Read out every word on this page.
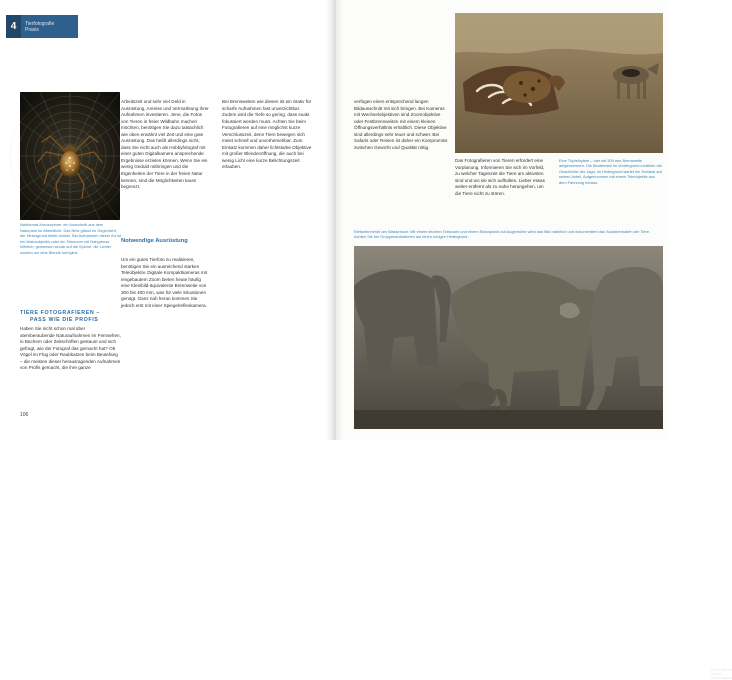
4	Tierfotografie
Praxis

Nahformat-Kreuzspinne: ein Ausschnitt aus dem Naturpark im Abendlicht. Das Netz glänzt im Gegenlicht, der Hintergrund bleibt dunkel. Bei Aufnahmen dieser Art ist ein Makroobjektiv oder ein Telezoom mit Nahgrenze hilfreich; gemessen wurde auf die Spinne, die Lichter wurden um eine Blende korrigiert.

TIERE FOTOGRAFIEREN –
PASS WIE DIE PROFIS

Haben Sie nicht schon mal über atemberaubende Naturaufnahmen im Fernsehen, in Büchern oder Zeitschriften gestaunt und sich gefragt, wie der Fotograf das gemacht hat? Ob Vögel im Flug oder Raubkatzen beim Beutefang – die meisten dieser herausragenden Aufnahmen von Profis gemacht, die ihre ganze

Arbeitszeit und sehr viel Geld in Ausrüstung, Anreise und Vermarktung ihrer Aufnahmen investieren. Jene, die Fotos von Tieren in freier Wildbahn machen möchten, benötigen Sie dazu tatsächlich wie oben erwähnt viel Zeit und eine gute Ausrüstung. Das heißt allerdings nicht, dass Sie nicht auch als Hobbyfotograf mit einer guten Digitalkamera ansprechende Ergebnisse erzielen können. Wenn Sie ein wenig Geduld mitbringen und die Eigenheiten der Tiere in der freien Natur kennen, sind die Möglichkeiten kaum begrenzt.

Notwendige Ausrüstung

Um ein gutes Tierfoto zu realisieren, benötigen Sie ein ausreichend starkes Teleobjektiv. Digitale Kompaktkameras mit eingebautem Zoom bieten heute häufig eine Kleinbild-äquivalente Brennweite von 300 bis 400 mm, was für viele Situationen genügt. Ganz nah heran kommen Sie jedoch erst mit einer Spiegelreflexkamera.

Bei Brennweiten wie diesen ist ein Stativ für scharfe Aufnahmen fast unverzichtbar. Zudem wird die Tiefe so gering, dass exakt fokussiert werden muss. Achten Sie beim Fotografieren auf eine möglichst kurze Verschlusszeit, denn Tiere bewegen sich meist schnell und unvorhersehbar. Zum Einsatz kommen daher lichtstarke Objektive mit großer Blendenöffnung, die auch bei wenig Licht eine kurze Belichtungszeit erlauben.

106

verfügen einen entsprechend langen Bildausschnitt mit sich bringen. Bei Kameras mit Wechselobjektiven sind Zoomobjektive oder Festbrennweiten mit einem kleinen Öffnungsverhältnis erhältlich. Diese Objektive sind allerdings sehr teuer und schwer. Bei Safaris oder Reisen ist daher ein Kompromiss zwischen Gewicht und Qualität nötig.

Eine Tüpfelhyäne – hier mit 300 mm Brennweite aufgenommen. Die Beutereste im Vordergrund erzählen die Geschichte der Jagd, im Hintergrund wartet ein Schakal auf seinen Anteil. Aufgenommen mit einem Teleobjektiv aus dem Fahrzeug heraus.

Das Fotografieren von Tieren erfordert eine Vorplanung. Informieren Sie sich im Vorfeld, zu welcher Tageszeit die Tiere am aktivsten sind und wo sie sich aufhalten. Lieber etwas weiter entfernt als zu nahe herangehen, um die Tiere nicht zu stören.

Elefantenherde am Wasserloch: Mit einem leichten Telezoom und einem Standpunkt auf Augenhöhe wirkt das Bild natürlich und dokumentiert das Sozialverhalten der Tiere. Achten Sie bei Gruppenaufnahmen auf einen ruhigen Hintergrund.

Elefanten im Tsavo-Nationalpark
